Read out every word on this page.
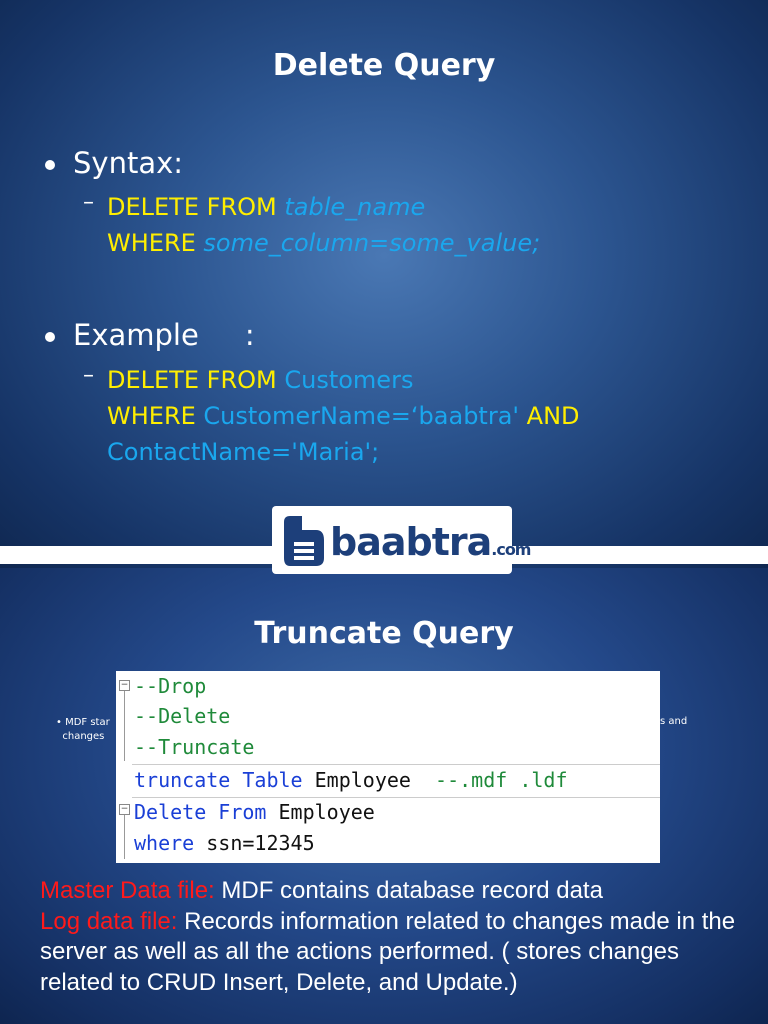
Delete Query
Syntax:
– DELETE FROM table_name
WHERE some_column=some_value;
Example     :
– DELETE FROM Customers
WHERE CustomerName=‘baabtra' AND
ContactName='Maria';
Truncate Query
baabtra.com
• MDF star
changes
s and
−
−
--Drop
--Delete
--Truncate
truncate Table Employee --.mdf .ldf
Delete From Employee
where ssn=12345
Master Data file: MDF contains database record data
Log data file: Records information related to changes made in the server as well as all the actions performed. ( stores changes related to CRUD Insert, Delete, and Update.)
